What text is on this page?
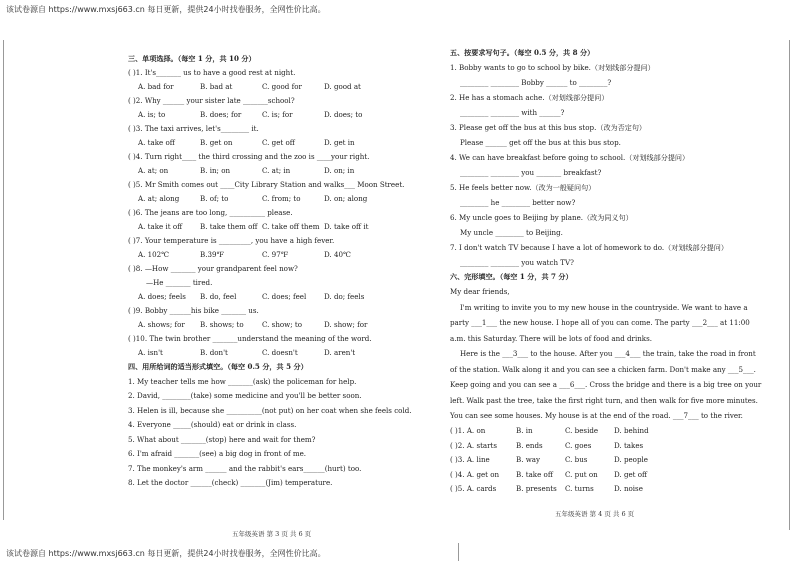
该试卷源自 https://www.mxsj663.cn 每日更新，提供24小时找卷服务，全网性价比高。
该试卷源自 https://www.mxsj663.cn 每日更新，提供24小时找卷服务，全网性价比高。
三、单项选择。（每空 1 分，共 10 分）
( )1. It's_______ us to have a good rest at night.
A. bad for	B. bad at	C. good for	D. good at
( )2. Why ______ your sister late _______school?
A. is; to	B. does; for	C. is; for	D. does; to
( )3. The taxi arrives, let's________ it.
A. take off	B. get on	C. get off	D. get in
( )4. Turn right____ the third crossing and the zoo is ____your right.
A. at; on	B. in; on	C. at; in	D. on; in
( )5. Mr Smith comes out ____City Library Station and walks___ Moon Street.
A. at; along	B. of; to	C. from; to	D. on; along
( )6. The jeans are too long, __________ please.
A. take it off	B. take them off C. take off them D. take off it
( )7. Your temperature is _________, you have a high fever.
A. 102℃	B.39℉	C. 97℉	D. 40℃
( )8. —How _______ your grandparent feel now?
—He _______ tired.
A. does; feels	B. do, feel	C. does; feel	D. do; feels
( )9. Bobby ______his bike _______ us.
A. shows; for	B. shows; to	C. show; to	D. show; for
( )10. The twin brother _______understand the meaning of the word.
A. isn't	B. don't	C. doesn't	D. aren't
四、用所给词的适当形式填空。（每空 0.5 分，共 5 分）
1. My teacher tells me how _______(ask) the policeman for help.
2. David, ________(take) some medicine and you'll be better soon.
3. Helen is ill, because she __________(not put) on her coat when she feels cold.
4. Everyone _____(should) eat or drink in class.
5. What about _______(stop) here and wait for them?
6. I'm afraid _______(see) a big dog in front of me.
7. The monkey's arm ______ and the rabbit's ears______(hurt) too.
8. Let the doctor ______(check) _______(Jim) temperature.
五年级英语 第 3 页 共 6 页
五、按要求写句子。（每空 0.5 分，共 8 分）
1. Bobby wants to go to school by bike.（对划线部分提问）
________ ________ Bobby ______ to ________?
2. He has a stomach ache.（对划线部分提问）
________ ________ with ______?
3. Please get off the bus at this bus stop.（改为否定句）
Please ______ get off the bus at this bus stop.
4. We can have breakfast before going to school.（对划线部分提问）
________ ________ you _______ breakfast?
5. He feels better now.（改为一般疑问句）
________ he ________ better now?
6. My uncle goes to Beijing by plane.（改为同义句）
My uncle ________ to Beijing.
7. I don't watch TV because I have a lot of homework to do.（对划线部分提问）
________ ________ you watch TV?
六、完形填空。（每空 1 分，共 7 分）
My dear friends,
I'm writing to invite you to my new house in the countryside. We want to have a
party ___1___ the new house. I hope all of you can come. The party ___2___ at 11:00
a.m. this Saturday. There will be lots of food and drinks.
Here is the ___3___ to the house. After you ___4___ the train, take the road in front
of the station. Walk along it and you can see a chicken farm. Don't make any ___5___.
Keep going and you can see a ___6___. Cross the bridge and there is a big tree on your
left. Walk past the tree, take the first right turn, and then walk for five more minutes.
You can see some houses. My house is at the end of the road. ___7___ to the river.
( )1. A. on	B. in	C. beside	D. behind
( )2. A. starts	B. ends	C. goes	D. takes
( )3. A. line	B. way	C. bus	D. people
( )4. A. get on	B. take off	C. put on	D. get off
( )5. A. cards	B. presents	C. turns	D. noise
五年级英语 第 4 页 共 6 页
